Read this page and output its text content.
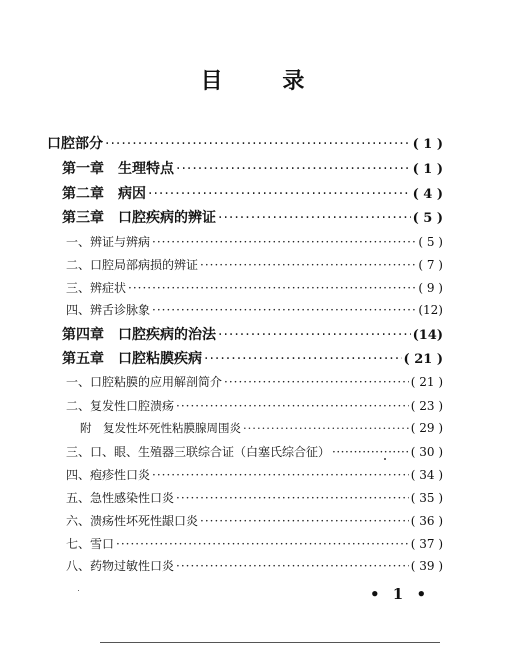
目 录
口腔部分 ·····	( 1 )
第一章　生理特点 ·····	( 1 )
第二章　病因 ·····	( 4 )
第三章　口腔疾病的辨证 ·····	( 5 )
一、辨证与辨病 ·····	( 5 )
二、口腔局部病损的辨证 ·····	( 7 )
三、辨症状 ·····	( 9 )
四、辨舌诊脉象 ·····	(12)
第四章　口腔疾病的治法 ·····	(14)
第五章　口腔粘膜疾病 ·····	( 21 )
一、口腔粘膜的应用解剖简介 ·····	( 21 )
二、复发性口腔溃疡 ·····	( 23 )
附　复发性坏死性粘膜腺周围炎 ·····	( 29 )
三、口、眼、生殖器三联综合证（白塞氏综合征） ·····	( 30 )
四、疱疹性口炎 ·····	( 34 )
五、急性感染性口炎 ·····	( 35 )
六、溃疡性坏死性龈口炎 ·····	( 36 )
七、雪口 ·····	( 37 )
八、药物过敏性口炎 ·····	( 39 )
• 1 •
